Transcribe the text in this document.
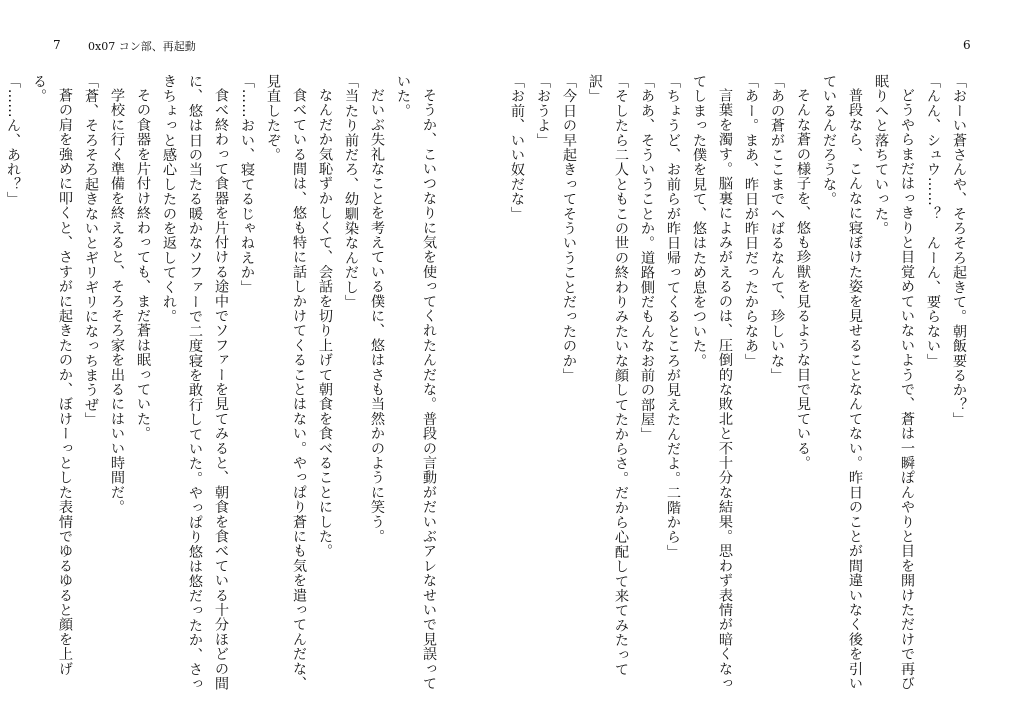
7 0x07 コン部、再起動	6

「おーい蒼さんや、そろそろ起きて。朝飯要るか？」

「んん、シュウ……？　んーん、要らない」

どうやらまだはっきりと目覚めていないようで、蒼は一瞬ぽんやりと目を開けただけで再び眠りへと落ちていった。

普段なら、こんなに寝ぼけた姿を見せることなんてない。昨日のことが間違いなく後を引いているんだろうな。

そんな蒼の様子を、悠も珍獣を見るような目で見ている。

「あの蒼がここまでへばるなんて、珍しいな」

「あー。まあ、昨日が昨日だったからなあ」

言葉を濁す。脳裏によみがえるのは、圧倒的な敗北と不十分な結果。思わず表情が暗くなってしまった僕を見て、悠はため息をついた。

「ちょうど、お前らが昨日帰ってくるところが見えたんだよ。二階から」

「ああ、そういうことか。道路側だもんなお前の部屋」

「そしたら二人ともこの世の終わりみたいな顔してたからさ。だから心配して来てみたって訳」

「今日の早起きってそういうことだったのか」

「おうよ」

「お前、いい奴だな」

そうか、こいつなりに気を使ってくれたんだな。普段の言動がだいぶアレなせいで見誤っていた。

だいぶ失礼なことを考えている僕に、悠はさも当然かのように笑う。

「当たり前だろ、幼馴染なんだし」

なんだか気恥ずかしくて、会話を切り上げて朝食を食べることにした。

食べている間は、悠も特に話しかけてくることはない。やっぱり蒼にも気を遣ってんだな、見直したぞ。

「……おい、寝てるじゃねえか」

食べ終わって食器を片付ける途中でソファーを見てみると、朝食を食べている十分ほどの間に、悠は日の当たる暖かなソファーで二度寝を敢行していた。やっぱり悠は悠だったか、さっきちょっと感心したのを返してくれ。

その食器を片付け終わっても、まだ蒼は眠っていた。

学校に行く準備を終えると、そろそろ家を出るにはいい時間だ。

「蒼、そろそろ起きないとギリギリになっちまうぜ」

蒼の肩を強めに叩くと、さすがに起きたのか、ぼけーっとした表情でゆるゆると顔を上げる。

「……ん、あれ？」
